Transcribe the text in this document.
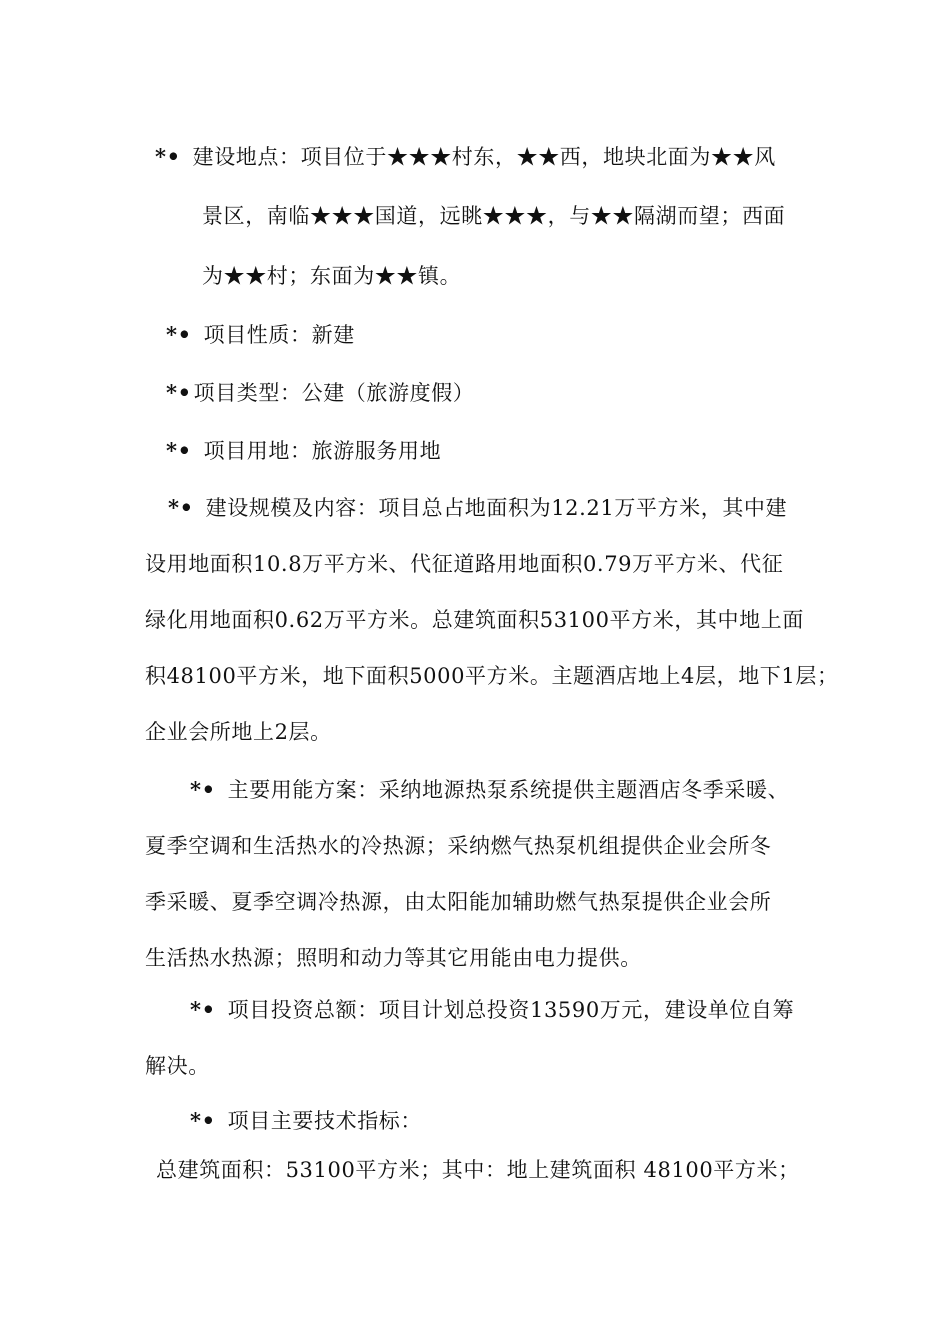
*• 建设地点：项目位于★★★村东，★★西，地块北面为★★风
景区，南临★★★国道，远眺★★★，与★★隔湖而望；西面
为★★村；东面为★★镇。
*• 项目性质：新建
*•项目类型：公建（旅游度假）
*• 项目用地：旅游服务用地
*• 建设规模及内容：项目总占地面积为12.21万平方米，其中建
设用地面积10.8万平方米、代征道路用地面积0.79万平方米、代征
绿化用地面积0.62万平方米。总建筑面积53100平方米，其中地上面
积48100平方米，地下面积5000平方米。主题酒店地上4层，地下1层；
企业会所地上2层。
*• 主要用能方案：采纳地源热泵系统提供主题酒店冬季采暖、
夏季空调和生活热水的冷热源；采纳燃气热泵机组提供企业会所冬
季采暖、夏季空调冷热源，由太阳能加辅助燃气热泵提供企业会所
生活热水热源；照明和动力等其它用能由电力提供。
*• 项目投资总额：项目计划总投资13590万元，建设单位自筹
解决。
*• 项目主要技术指标：
总建筑面积：53100平方米；其中：地上建筑面积 48100平方米；
